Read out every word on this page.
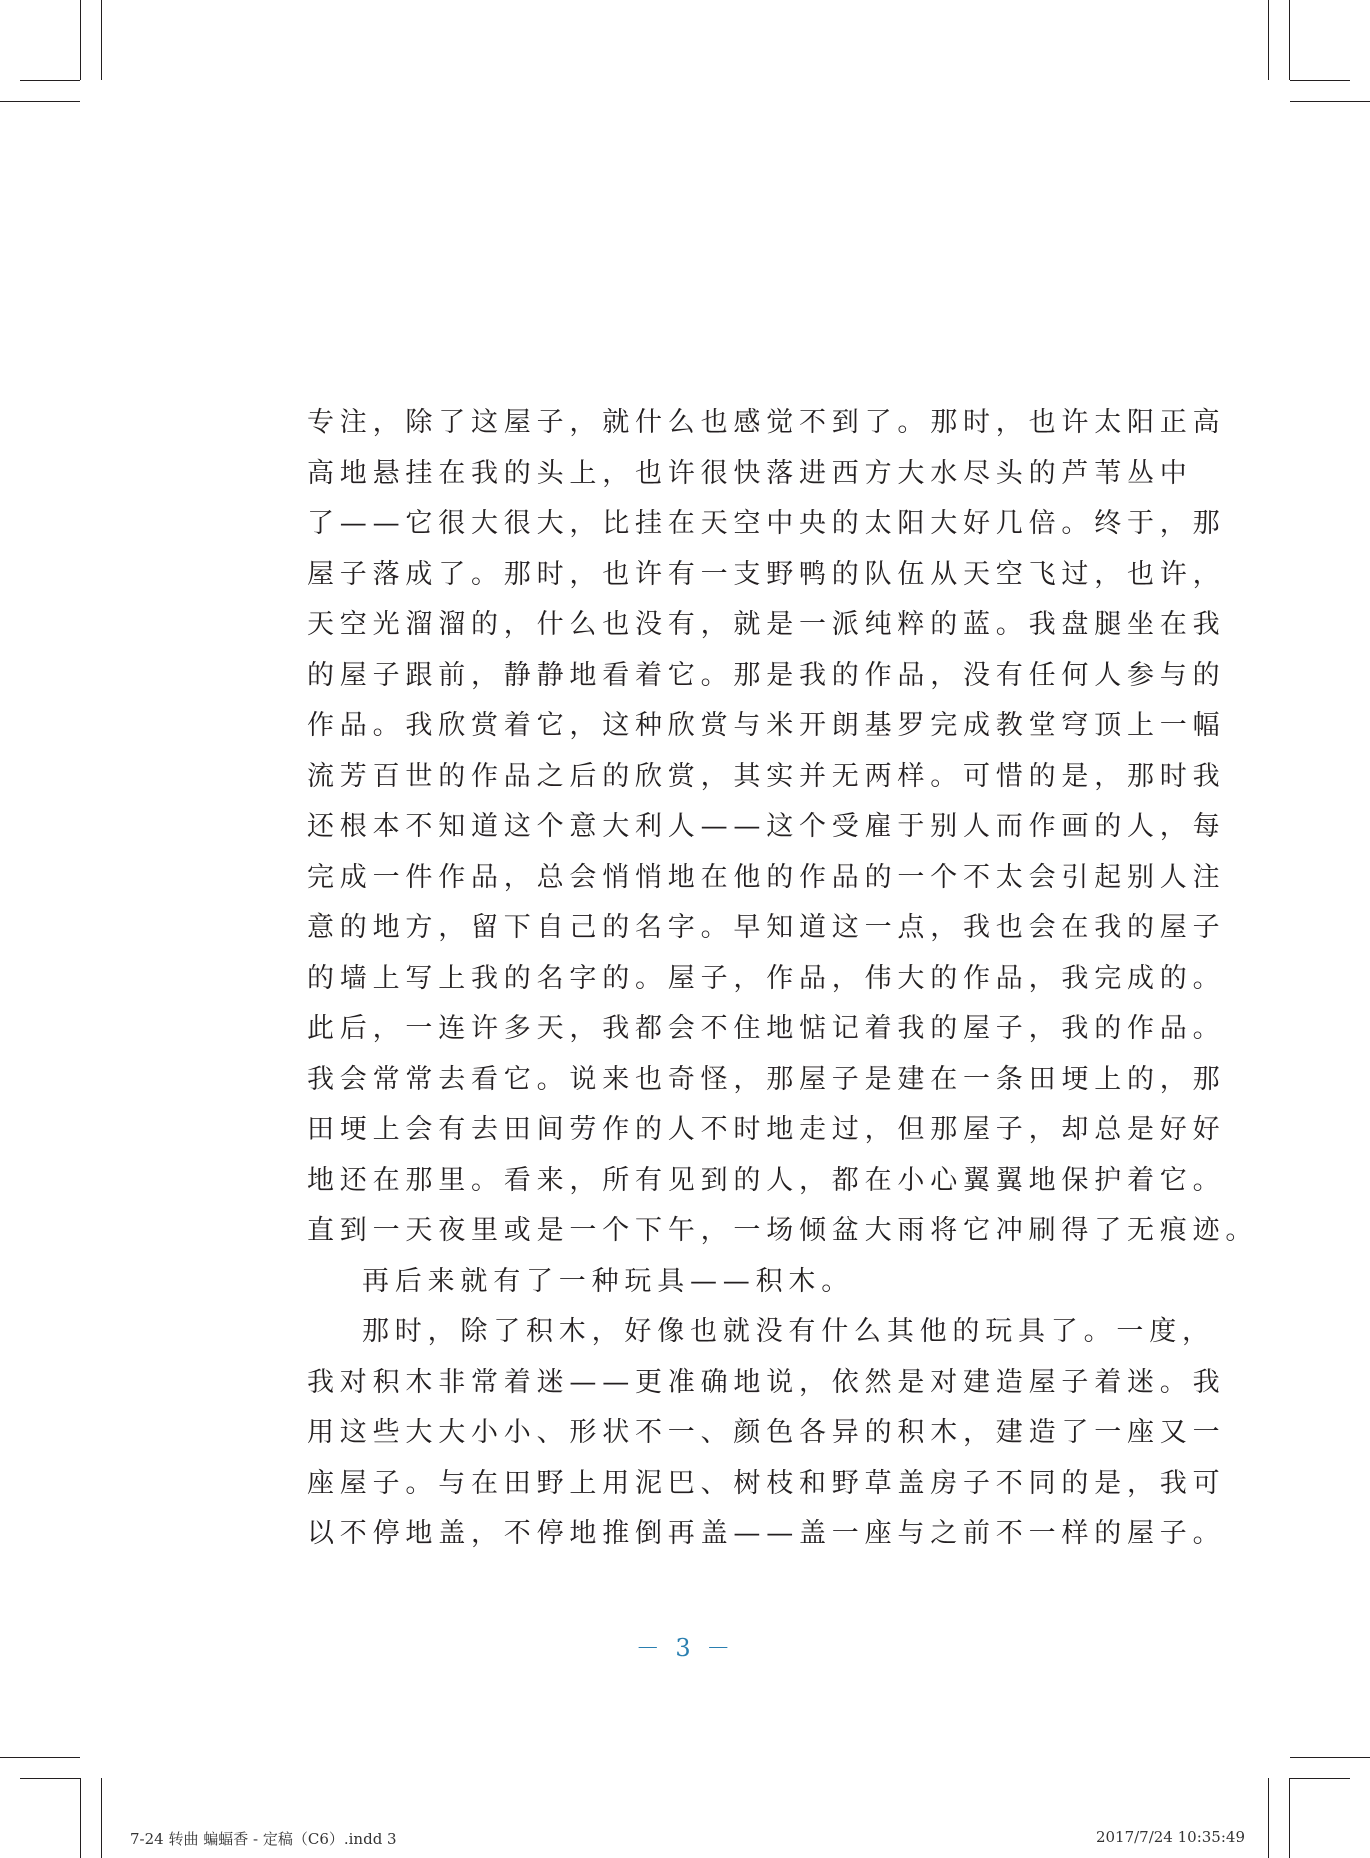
专注，除了这屋子，就什么也感觉不到了。那时，也许太阳正高
高地悬挂在我的头上，也许很快落进西方大水尽头的芦苇丛中
了——它很大很大，比挂在天空中央的太阳大好几倍。终于，那
屋子落成了。那时，也许有一支野鸭的队伍从天空飞过，也许，
天空光溜溜的，什么也没有，就是一派纯粹的蓝。我盘腿坐在我
的屋子跟前，静静地看着它。那是我的作品，没有任何人参与的
作品。我欣赏着它，这种欣赏与米开朗基罗完成教堂穹顶上一幅
流芳百世的作品之后的欣赏，其实并无两样。可惜的是，那时我
还根本不知道这个意大利人——这个受雇于别人而作画的人，每
完成一件作品，总会悄悄地在他的作品的一个不太会引起别人注
意的地方，留下自己的名字。早知道这一点，我也会在我的屋子
的墙上写上我的名字的。屋子，作品，伟大的作品，我完成的。
此后，一连许多天，我都会不住地惦记着我的屋子，我的作品。
我会常常去看它。说来也奇怪，那屋子是建在一条田埂上的，那
田埂上会有去田间劳作的人不时地走过，但那屋子，却总是好好
地还在那里。看来，所有见到的人，都在小心翼翼地保护着它。
直到一天夜里或是一个下午，一场倾盆大雨将它冲刷得了无痕迹。
再后来就有了一种玩具——积木。
那时，除了积木，好像也就没有什么其他的玩具了。一度，
我对积木非常着迷——更准确地说，依然是对建造屋子着迷。我
用这些大大小小、形状不一、颜色各异的积木，建造了一座又一
座屋子。与在田野上用泥巴、树枝和野草盖房子不同的是，我可
以不停地盖，不停地推倒再盖——盖一座与之前不一样的屋子。
－ 3 －
7-24 转曲 蝙蝠香 - 定稿（C6）.indd 3	2017/7/24 10:35:49
